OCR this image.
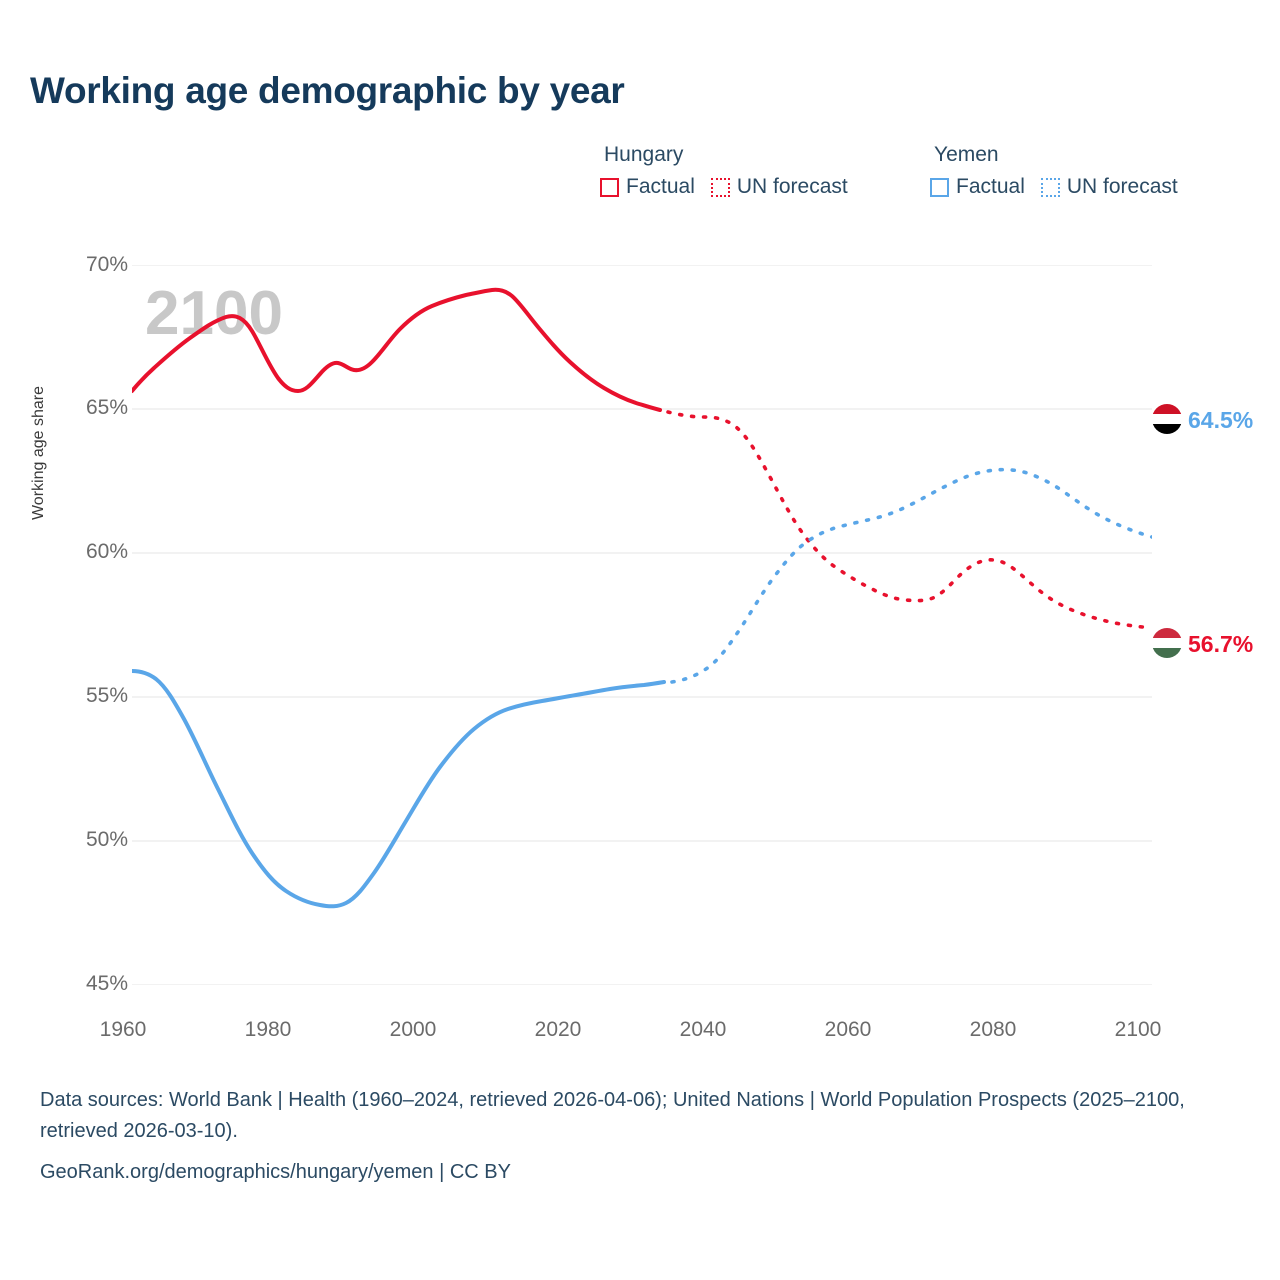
Working age demographic by year
Hungary
Factual UN forecast
Yemen
Factual UN forecast
2100
Working age share
70%
65%
60%
55%
50%
45%
1960	1980	2000	2020	2040	2060	2080	2100
64.5%
56.7%
Data sources: World Bank | Health (1960–2024, retrieved 2026-04-06); United Nations | World Population Prospects (2025–2100, retrieved 2026-03-10).
GeoRank.org/demographics/hungary/yemen | CC BY
